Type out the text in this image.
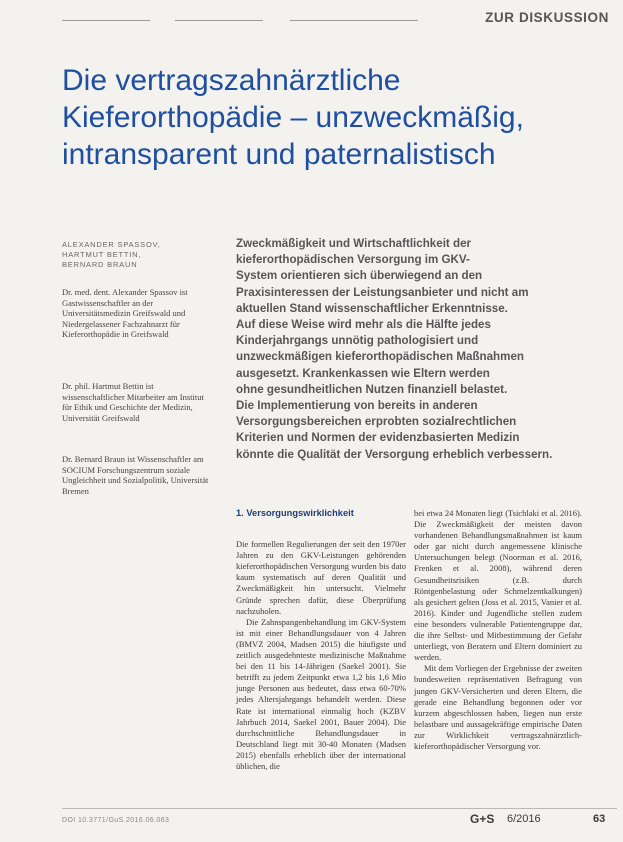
ZUR DISKUSSION
Die vertragszahnärztliche
Kieferorthopädie – unzweckmäßig,
intransparent und paternalistisch
ALEXANDER SPASSOV,
HARTMUT BETTIN,
BERNARD BRAUN
Dr. med. dent. Alexander Spassov ist Gastwissenschaftler an der Universitätsmedizin Greifswald und Niedergelassener Fachzahnarzt für Kieferorthopädie in Greifswald
Dr. phil. Hartmut Bettin ist wissenschaftlicher Mitarbeiter am Institut für Ethik und Geschichte der Medizin, Universität Greifswald
Dr. Bernard Braun ist Wissenschaftler am SOCIUM Forschungszentrum soziale Ungleichheit und Sozialpolitik, Universität Bremen
Zweckmäßigkeit und Wirtschaftlichkeit der
kieferorthopädischen Versorgung im GKV-
System orientieren sich überwiegend an den
Praxisinteressen der Leistungsanbieter und nicht am
aktuellen Stand wissenschaftlicher Erkenntnisse.
Auf diese Weise wird mehr als die Hälfte jedes
Kinderjahrgangs unnötig pathologisiert und
unzweckmäßigen kieferorthopädischen Maßnahmen
ausgesetzt. Krankenkassen wie Eltern werden
ohne gesundheitlichen Nutzen finanziell belastet.
Die Implementierung von bereits in anderen
Versorgungsbereichen erprobten sozialrechtlichen
Kriterien und Normen der evidenzbasierten Medizin
könnte die Qualität der Versorgung erheblich verbessern.
1. Versorgungswirklichkeit

Die formellen Regulierungen der seit den 1970er Jahren zu den GKV-Leistungen gehörenden kieferorthopädischen Versorgung wurden bis dato kaum systematisch auf deren Qualität und Zweckmäßigkeit hin untersucht. Vielmehr Gründe sprechen dafür, diese Überprüfung nachzuholen.

Die Zahnspangenbehandlung im GKV-System ist mit einer Behandlungsdauer von 4 Jahren (BMVZ 2004, Madsen 2015) die häufigste und zeitlich ausgedehnteste medizinische Maßnahme bei den 11 bis 14-Jährigen (Saekel 2001). Sie betrifft zu jedem Zeitpunkt etwa 1,2 bis 1,6 Mio junge Personen aus bedeutet, dass etwa 60-70% jedes Altersjahrgangs behandelt werden. Diese Rate ist international einmalig hoch (KZBV Jahrbuch 2014, Saekel 2001, Bauer 2004). Die durchschnittliche Behandlungsdauer in Deutschland liegt mit 30-40 Monaten (Madsen 2015) ebenfalls erheblich über der international üblichen, die

bei etwa 24 Monaten liegt (Tsichlaki et al. 2016). Die Zweckmäßigkeit der meisten davon vorhandenen Behandlungsmaßnahmen ist kaum oder gar nicht durch angemessene klinische Untersuchungen belegt (Noorman et al. 2016, Frenken et al. 2008), während deren Gesundheitsrisiken (z.B. durch Röntgenbelastung oder Schmelzentkalkungen) als gesichert gelten (Joss et al. 2015, Vanier et al. 2016). Kinder und Jugendliche stellen zudem eine besonders vulnerable Patientengruppe dar, die ihre Selbst- und Mitbestimmung der Gefahr unterliegt, von Beratern und Eltern dominiert zu werden.

Mit dem Vorliegen der Ergebnisse der zweiten bundesweiten repräsentativen Befragung von jungen GKV-Versicherten und deren Eltern, die gerade eine Behandlung begonnen oder vor kurzem abgeschlossen haben, liegen nun erste belastbare und aussagekräftige empirische Daten zur Wirklichkeit vertragszahnärztlich-kieferorthopädischer Versorgung vor.

DOI 10.3771/GuS.2016.06.063	G+S 6/2016	63
